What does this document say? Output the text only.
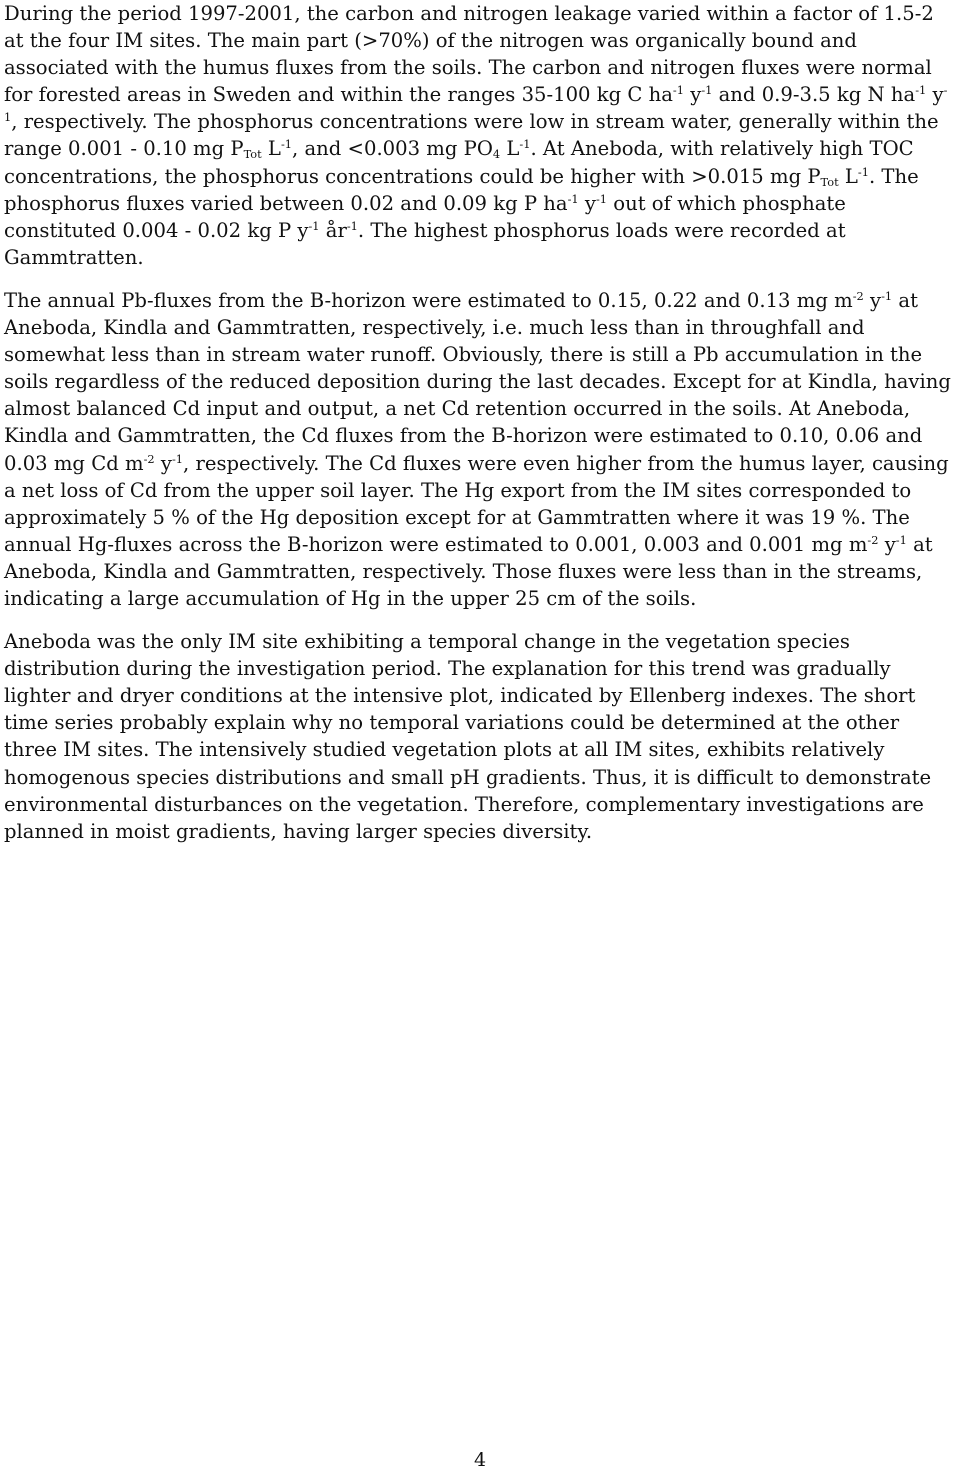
During the period 1997-2001, the carbon and nitrogen leakage varied within a factor of 1.5-2 at the four IM sites. The main part (>70%) of the nitrogen was organically bound and associated with the humus fluxes from the soils. The carbon and nitrogen fluxes were normal for forested areas in Sweden and within the ranges 35-100 kg C $ha^{-1}$ $y^{-1}$ and 0.9-3.5 kg N $ha^{-1}$ $y^{-1}$, respectively. The phosphorus concentrations were low in stream water, generally within the range 0.001 - 0.10 mg $P_{Tot}$ $L^{-1}$, and <0.003 mg $PO_4$ $L^{-1}$. At Aneboda, with relatively high TOC concentrations, the phosphorus concentrations could be higher with >0.015 mg $P_{Tot}$ $L^{-1}$. The phosphorus fluxes varied between 0.02 and 0.09 kg P $ha^{-1}$ $y^{-1}$ out of which phosphate constituted 0.004 - 0.02 kg P $y^{-1}$ $år^{-1}$. The highest phosphorus loads were recorded at Gammtratten.

The annual Pb-fluxes from the B-horizon were estimated to 0.15, 0.22 and 0.13 mg $m^{-2}$ $y^{-1}$ at Aneboda, Kindla and Gammtratten, respectively, i.e. much less than in throughfall and somewhat less than in stream water runoff. Obviously, there is still a Pb accumulation in the soils regardless of the reduced deposition during the last decades. Except for at Kindla, having almost balanced Cd input and output, a net Cd retention occurred in the soils. At Aneboda, Kindla and Gammtratten, the Cd fluxes from the B-horizon were estimated to 0.10, 0.06 and 0.03 mg Cd $m^{-2}$ $y^{-1}$, respectively. The Cd fluxes were even higher from the humus layer, causing a net loss of Cd from the upper soil layer. The Hg export from the IM sites corresponded to approximately 5 % of the Hg deposition except for at Gammtratten where it was 19 %. The annual Hg-fluxes across the B-horizon were estimated to 0.001, 0.003 and 0.001 mg $m^{-2}$ $y^{-1}$ at Aneboda, Kindla and Gammtratten, respectively. Those fluxes were less than in the streams, indicating a large accumulation of Hg in the upper 25 cm of the soils.

Aneboda was the only IM site exhibiting a temporal change in the vegetation species distribution during the investigation period. The explanation for this trend was gradually lighter and dryer conditions at the intensive plot, indicated by Ellenberg indexes. The short time series probably explain why no temporal variations could be determined at the other three IM sites. The intensively studied vegetation plots at all IM sites, exhibits relatively homogenous species distributions and small pH gradients. Thus, it is difficult to demonstrate environmental disturbances on the vegetation. Therefore, complementary investigations are planned in moist gradients, having larger species diversity.

4
